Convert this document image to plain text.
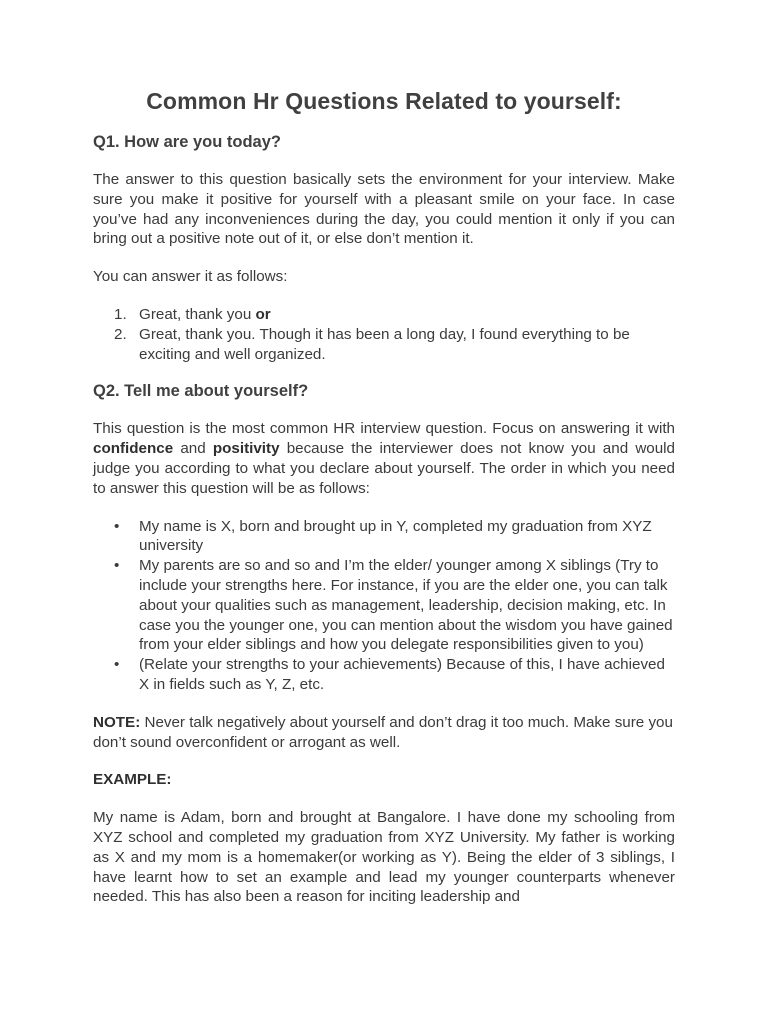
Common Hr Questions Related to yourself:
Q1. How are you today?

The answer to this question basically sets the environment for your interview. Make sure you make it positive for yourself with a pleasant smile on your face. In case you’ve had any inconveniences during the day, you could mention it only if you can bring out a positive note out of it, or else don’t mention it.

You can answer it as follows:

Great, thank you or
Great, thank you. Though it has been a long day, I found everything to be exciting and well organized.
Q2. Tell me about yourself?

This question is the most common HR interview question. Focus on answering it with confidence and positivity because the interviewer does not know you and would judge you according to what you declare about yourself. The order in which you need to answer this question will be as follows:

• My name is X, born and brought up in Y, completed my graduation from XYZ university
• My parents are so and so and I’m the elder/ younger among X siblings (Try to include your strengths here. For instance, if you are the elder one, you can talk about your qualities such as management, leadership, decision making, etc. In case you the younger one, you can mention about the wisdom you have gained from your elder siblings and how you delegate responsibilities given to you)
• (Relate your strengths to your achievements) Because of this, I have achieved X in fields such as Y, Z, etc.

NOTE: Never talk negatively about yourself and don’t drag it too much. Make sure you don’t sound overconfident or arrogant as well.

EXAMPLE:

My name is Adam, born and brought at Bangalore. I have done my schooling from XYZ school and completed my graduation from XYZ University. My father is working as X and my mom is a homemaker(or working as Y). Being the elder of 3 siblings, I have learnt how to set an example and lead my younger counterparts whenever needed. This has also been a reason for inciting leadership and
